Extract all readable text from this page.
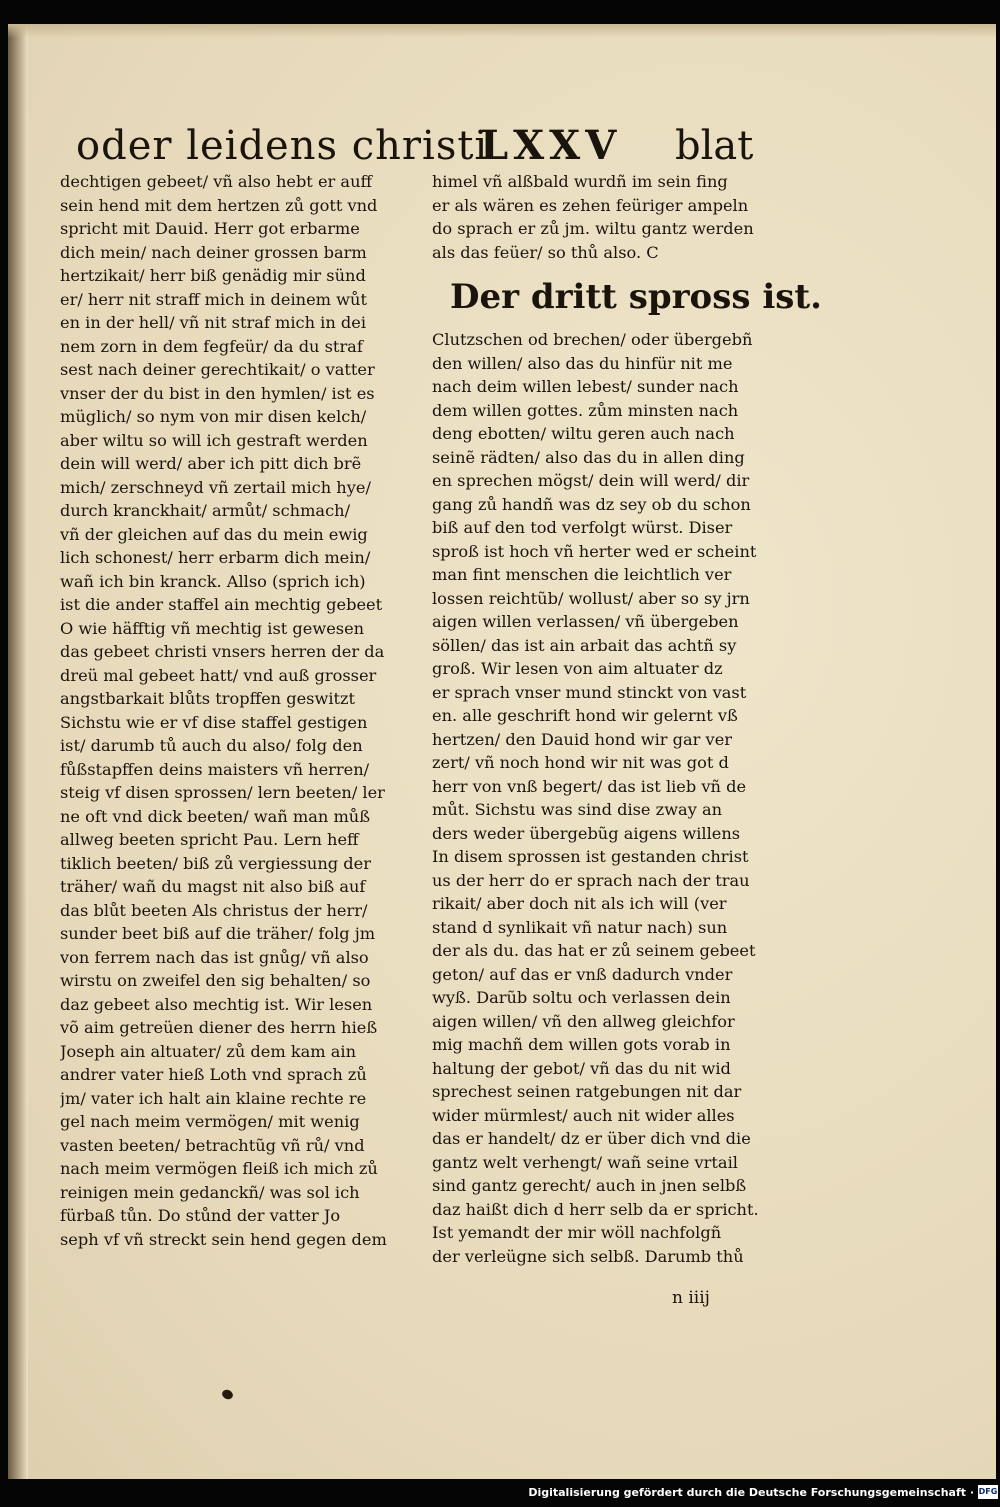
oder leidens christi
LXXV blat
dechtigen gebeet/ vñ also hebt er auff
sein hend mit dem hertzen zů gott vnd
spricht mit Dauid. Herr got erbarme
dich mein/ nach deiner grossen barm
hertzikait/ herr biß genädig mir sünd
er/ herr nit straff mich in deinem wůt
en in der hell/ vñ nit straf mich in dei
nem zorn in dem fegfeür/ da du straf
sest nach deiner gerechtikait/ o vatter
vnser der du bist in den hymlen/ ist es
müglich/ so nym von mir disen kelch/
aber wiltu so will ich gestraft werden
dein will werd/ aber ich pitt dich brẽ
mich/ zerschneyd vñ zertail mich hye/
durch kranckhait/ armůt/ schmach/
vñ der gleichen auf das du mein ewig
lich schonest/ herr erbarm dich mein/
wañ ich bin kranck. Allso (sprich ich)
ist die ander staffel ain mechtig gebeet
O wie häfftig vñ mechtig ist gewesen
das gebeet christi vnsers herren der da
dreü mal gebeet hatt/ vnd auß grosser
angstbarkait blůts tropffen geswitzt
Sichstu wie er vf dise staffel gestigen
ist/ darumb tů auch du also/ folg den
fůßstapffen deins maisters vñ herren/
steig vf disen sprossen/ lern beeten/ ler
ne oft vnd dick beeten/ wañ man můß
allweg beeten spricht Pau. Lern heff
tiklich beeten/ biß zů vergiessung der
träher/ wañ du magst nit also biß auf
das blůt beeten Als christus der herr/
sunder beet biß auf die träher/ folg jm
von ferrem nach das ist gnůg/ vñ also
wirstu on zweifel den sig behalten/ so
daz gebeet also mechtig ist. Wir lesen
võ aim getreüen diener des herrn hieß
Joseph ain altuater/ zů dem kam ain
andrer vater hieß Loth vnd sprach zů
jm/ vater ich halt ain klaine rechte re
gel nach meim vermögen/ mit wenig
vasten beeten/ betrachtũg vñ rů/ vnd
nach meim vermögen fleiß ich mich zů
reinigen mein gedanckñ/ was sol ich
fürbaß tůn. Do stůnd der vatter Jo
seph vf vñ streckt sein hend gegen dem
himel vñ alßbald wurdñ im sein fing
er als wären es zehen feüriger ampeln
do sprach er zů jm. wiltu gantz werden
als das feüer/ so thů also. C
Der dritt spross ist.
Clutzschen od brechen/ oder übergebñ
den willen/ also das du hinfür nit me
nach deim willen lebest/ sunder nach
dem willen gottes. zům minsten nach
deng ebotten/ wiltu geren auch nach
seinẽ rädten/ also das du in allen ding
en sprechen mögst/ dein will werd/ dir
gang zů handñ was dz sey ob du schon
biß auf den tod verfolgt würst. Diser
sproß ist hoch vñ herter wed er scheint
man fint menschen die leichtlich ver
lossen reichtũb/ wollust/ aber so sy jrn
aigen willen verlassen/ vñ übergeben
söllen/ das ist ain arbait das achtñ sy
groß. Wir lesen von aim altuater dz
er sprach vnser mund stinckt von vast
en. alle geschrift hond wir gelernt vß
hertzen/ den Dauid hond wir gar ver
zert/ vñ noch hond wir nit was got d
herr von vnß begert/ das ist lieb vñ de
můt. Sichstu was sind dise zway an
ders weder übergebũg aigens willens
In disem sprossen ist gestanden christ
us der herr do er sprach nach der trau
rikait/ aber doch nit als ich will (ver
stand d synlikait vñ natur nach) sun
der als du. das hat er zů seinem gebeet
geton/ auf das er vnß dadurch vnder
wyß. Darũb soltu och verlassen dein
aigen willen/ vñ den allweg gleichfor
mig machñ dem willen gots vorab in
haltung der gebot/ vñ das du nit wid
sprechest seinen ratgebungen nit dar
wider mürmlest/ auch nit wider alles
das er handelt/ dz er über dich vnd die
gantz welt verhengt/ wañ seine vrtail
sind gantz gerecht/ auch in jnen selbß
daz haißt dich d herr selb da er spricht.
Ist yemandt der mir wöll nachfolgñ
der verleügne sich selbß. Darumb thů
n iiij
Digitalisierung gefördert durch die Deutsche Forschungsgemeinschaft · DFG
